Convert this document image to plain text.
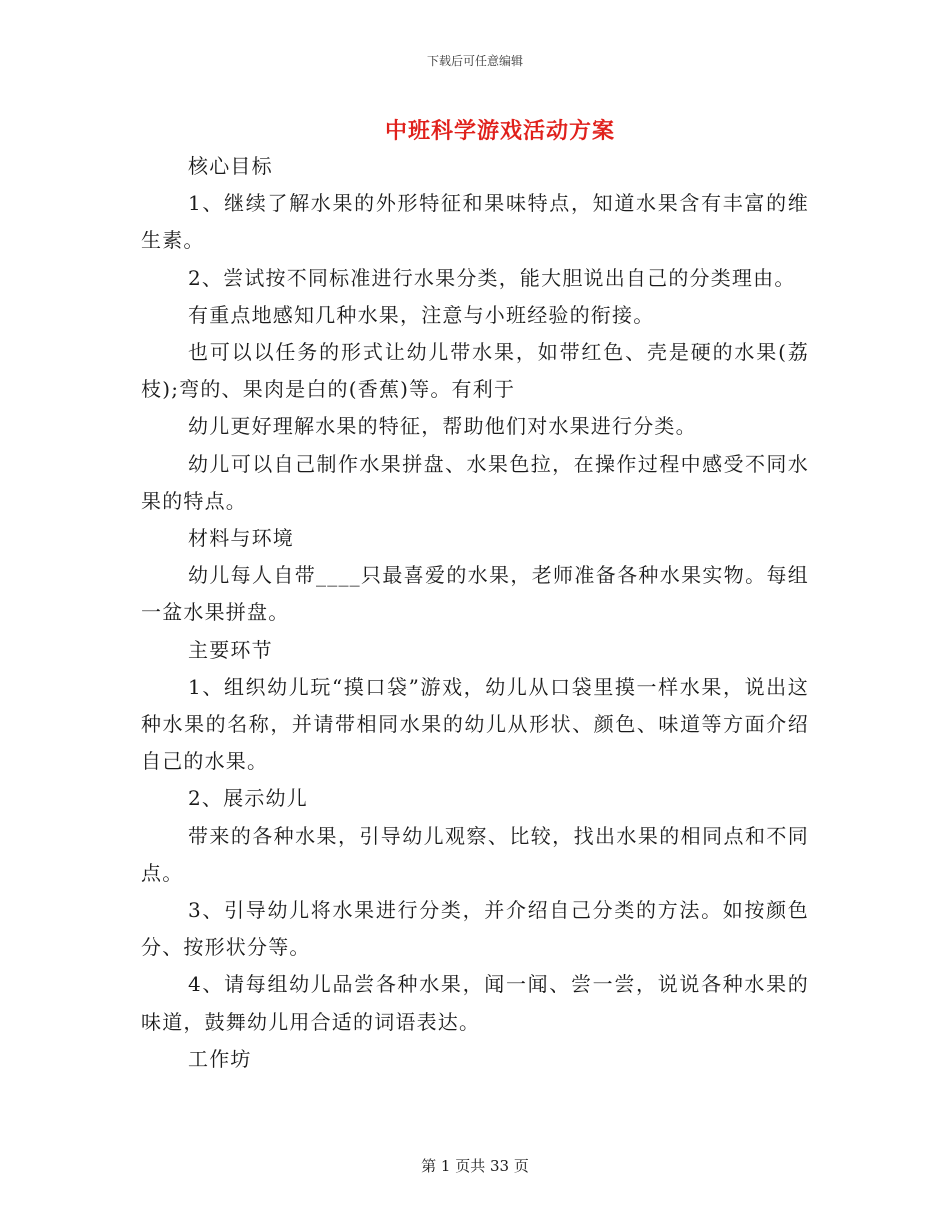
下载后可任意编辑
中班科学游戏活动方案

核心目标

1、继续了解水果的外形特征和果味特点，知道水果含有丰富的维生素。

2、尝试按不同标准进行水果分类，能大胆说出自己的分类理由。

有重点地感知几种水果，注意与小班经验的衔接。

也可以以任务的形式让幼儿带水果，如带红色、壳是硬的水果(荔枝);弯的、果肉是白的(香蕉)等。有利于

幼儿更好理解水果的特征，帮助他们对水果进行分类。

幼儿可以自己制作水果拼盘、水果色拉，在操作过程中感受不同水果的特点。

材料与环境

幼儿每人自带____只最喜爱的水果，老师准备各种水果实物。每组一盆水果拼盘。

主要环节

1、组织幼儿玩“摸口袋”游戏，幼儿从口袋里摸一样水果，说出这种水果的名称，并请带相同水果的幼儿从形状、颜色、味道等方面介绍自己的水果。

2、展示幼儿

带来的各种水果，引导幼儿观察、比较，找出水果的相同点和不同点。

3、引导幼儿将水果进行分类，并介绍自己分类的方法。如按颜色分、按形状分等。

4、请每组幼儿品尝各种水果，闻一闻、尝一尝，说说各种水果的味道，鼓舞幼儿用合适的词语表达。

工作坊

第 1 页共 33 页
